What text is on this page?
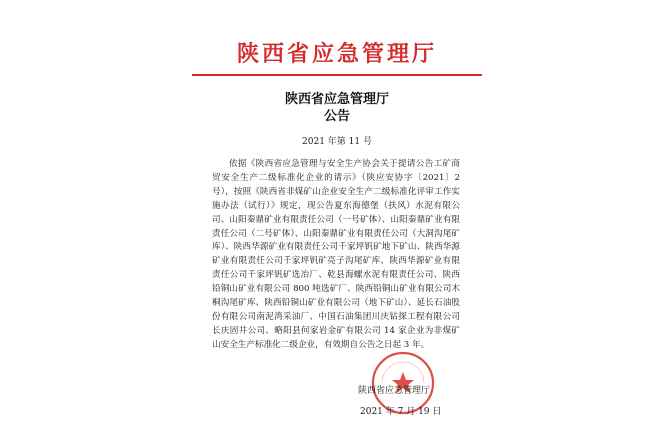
陕西省应急管理厅
陕西省应急管理厅
公告
2021 年第 11 号
依据《陕西省应急管理与安全生产协会关于提请公告工矿商贸安全生产二级标准化企业的请示》（陕应安协字〔2021〕2 号），按照《陕西省非煤矿山企业安全生产二级标准化评审工作实施办法（试行）》规定，现公告夏东海德堡（扶风）水泥有限公司、山阳秦鼎矿业有限责任公司（一号矿体）、山阳秦鼎矿业有限责任公司（二号矿体）、山阳秦鼎矿业有限责任公司（大洞沟尾矿库）、陕西华源矿业有限责任公司千家坪钒矿地下矿山、陕西华源矿业有限责任公司千家坪钒矿亮子沟尾矿库、陕西华源矿业有限责任公司千家坪钒矿选冶厂、乾县海螺水泥有限责任公司、陕西铅铜山矿业有限公司 800 吨选矿厂、陕西铅铜山矿业有限公司木桐沟尾矿库、陕西铅铜山矿业有限公司（地下矿山）、延长石油股份有限公司南泥湾采油厂、中国石油集团川庆钻探工程有限公司长庆固井公司、略阳县何家岩金矿有限公司 14 家企业为非煤矿山安全生产标准化二级企业，有效期自公告之日起 3 年。
陕西省应急管理厅
2021 年 7 月 19 日
